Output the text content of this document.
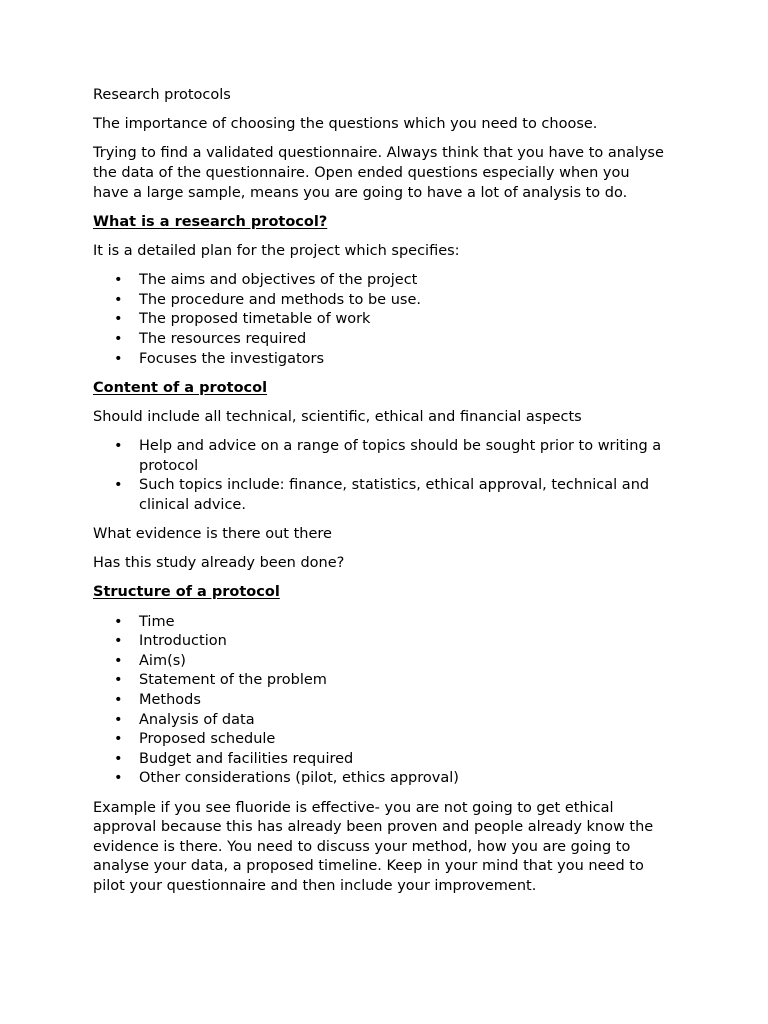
Research protocols

The importance of choosing the questions which you need to choose.

Trying to find a validated questionnaire. Always think that you have to analyse the data of the questionnaire. Open ended questions especially when you have a large sample, means you are going to have a lot of analysis to do.

What is a research protocol?

It is a detailed plan for the project which specifies:

• The aims and objectives of the project
• The procedure and methods to be use.
• The proposed timetable of work
• The resources required
• Focuses the investigators

Content of a protocol

Should include all technical, scientific, ethical and financial aspects

• Help and advice on a range of topics should be sought prior to writing a protocol
• Such topics include: finance, statistics, ethical approval, technical and clinical advice.

What evidence is there out there

Has this study already been done?

Structure of a protocol

• Time
• Introduction
• Aim(s)
• Statement of the problem
• Methods
• Analysis of data
• Proposed schedule
• Budget and facilities required
• Other considerations (pilot, ethics approval)

Example if you see fluoride is effective- you are not going to get ethical approval because this has already been proven and people already know the evidence is there. You need to discuss your method, how you are going to analyse your data, a proposed timeline. Keep in your mind that you need to pilot your questionnaire and then include your improvement.
